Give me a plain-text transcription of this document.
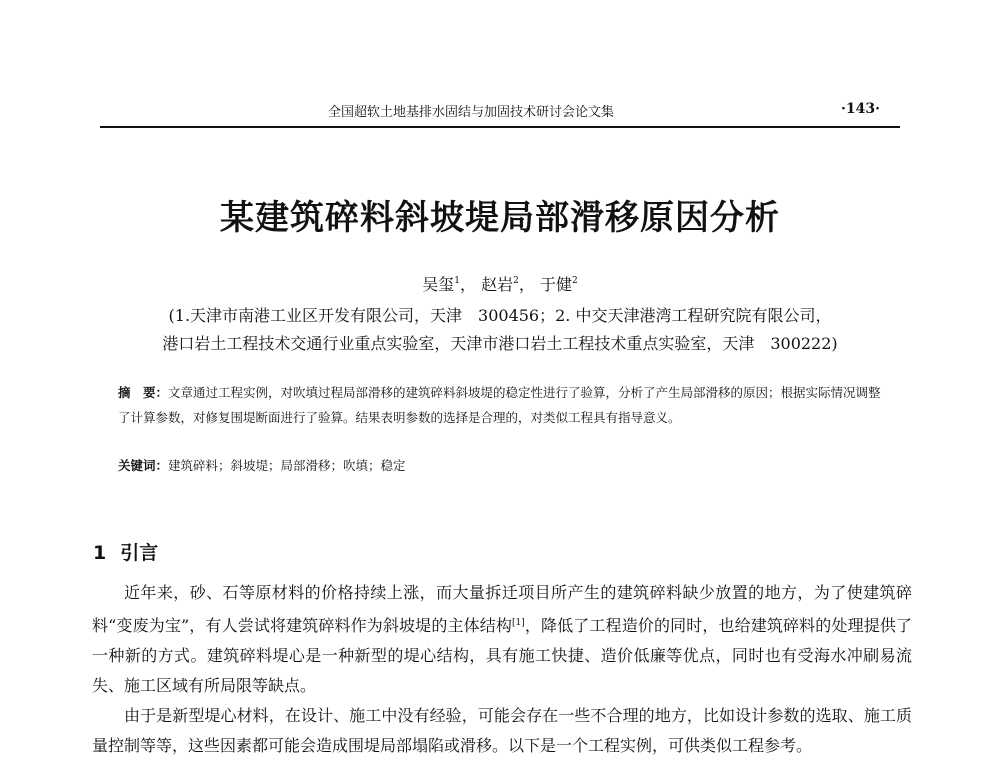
全国超软土地基排水固结与加固技术研讨会论文集	·143·
某建筑碎料斜坡堤局部滑移原因分析
吴玺$^1$， 赵岩$^2$， 于健$^2$
(1.天津市南港工业区开发有限公司，天津　300456；2. 中交天津港湾工程研究院有限公司，
港口岩土工程技术交通行业重点实验室，天津市港口岩土工程技术重点实验室，天津　300222)
摘　要：文章通过工程实例，对吹填过程局部滑移的建筑碎料斜坡堤的稳定性进行了验算，分析了产生局部滑移的原因；根据实际情况调整了计算参数，对修复围堤断面进行了验算。结果表明参数的选择是合理的，对类似工程具有指导意义。
关键词：建筑碎料；斜坡堤；局部滑移；吹填；稳定
1 引言

近年来，砂、石等原材料的价格持续上涨，而大量拆迁项目所产生的建筑碎料缺少放置的地方，为了使建筑碎料“变废为宝”，有人尝试将建筑碎料作为斜坡堤的主体结构[1]，降低了工程造价的同时，也给建筑碎料的处理提供了一种新的方式。建筑碎料堤心是一种新型的堤心结构，具有施工快捷、造价低廉等优点，同时也有受海水冲刷易流失、施工区域有所局限等缺点。

由于是新型堤心材料，在设计、施工中没有经验，可能会存在一些不合理的地方，比如设计参数的选取、施工质量控制等等，这些因素都可能会造成围堤局部塌陷或滑移。以下是一个工程实例，可供类似工程参考。
